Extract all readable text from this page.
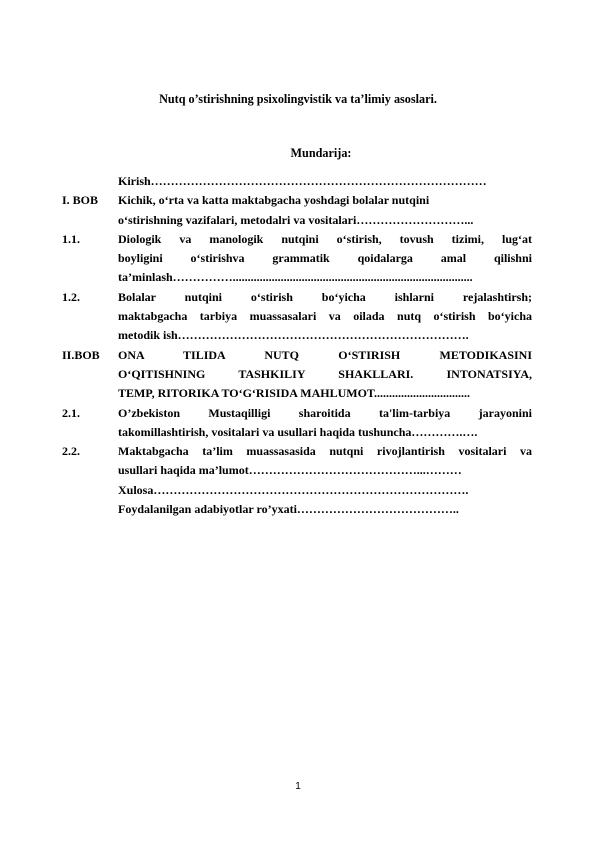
Nutq o’stirishning psixolingvistik va ta’limiy asoslari.
Mundarija:
Kirish…………………………………………………………………………
I. BOB	Kichik, o‘rta va katta maktabgacha yoshdagi bolalar nutqini
o‘stirishning vazifalari, metodalri va vositalari………………………...
1.1.	Diologik va manologik nutqini o‘stirish, tovush tizimi, lug‘at
boyligini o‘stirishva grammatik qoidalarga amal qilishni
ta’minlash……………................................................................................
1.2.	Bolalar nutqini o‘stirish bo‘yicha ishlarni rejalashtirsh;
maktabgacha tarbiya muassasalari va oilada nutq o‘stirish bo‘yicha
metodik ish……………………………………………………………….
II.BOB	ONA TILIDA NUTQ O‘STIRISH METODIKASINI
O‘QITISHNING TASHKILIY SHAKLLARI. INTONATSIYA,
TEMP, RITORIKA TO‘G‘RISIDA MAHLUMOT................................
2.1.	O’zbekiston Mustaqilligi sharoitida ta'lim-tarbiya jarayonini
takomillashtirish, vositalari va usullari haqida tushuncha………….….
2.2.	Maktabgacha ta’lim muassasasida nutqni rivojlantirish vositalari va
usullari haqida ma’lumot……………………………………...………
Xulosa…………………………………………………………………….
Foydalanilgan adabiyotlar ro’yxati…………………………………..
1
